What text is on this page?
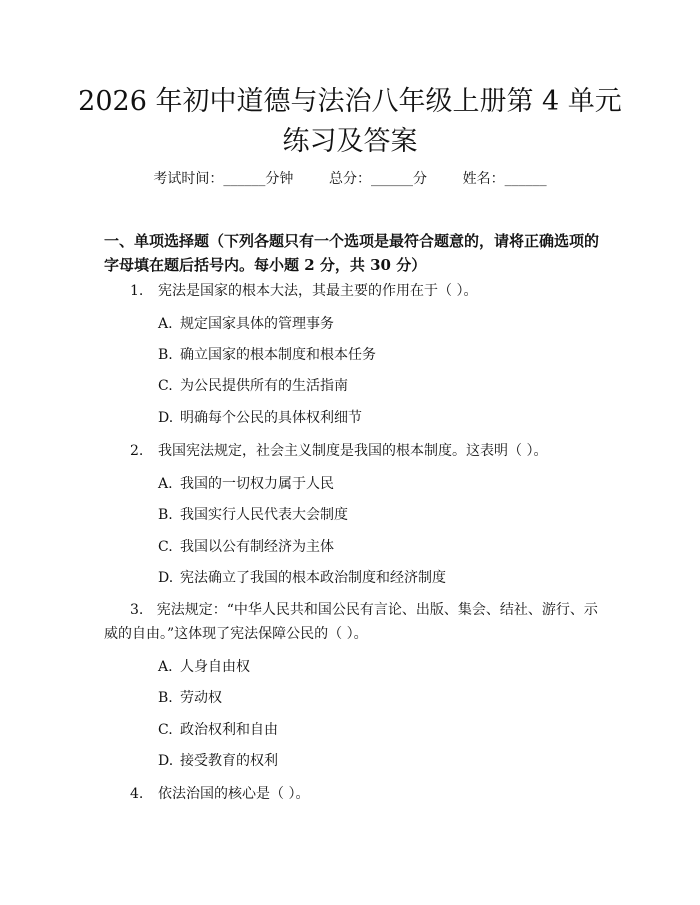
2026 年初中道德与法治八年级上册第 4 单元
练习及答案
考试时间：______分钟	总分：______分	姓名：______
一、单项选择题（下列各题只有一个选项是最符合题意的，请将正确选项的字母填在题后括号内。每小题 2 分，共 30 分）
1. 宪法是国家的根本大法，其最主要的作用在于（ ）。
A. 规定国家具体的管理事务
B. 确立国家的根本制度和根本任务
C. 为公民提供所有的生活指南
D. 明确每个公民的具体权利细节
2. 我国宪法规定，社会主义制度是我国的根本制度。这表明（ ）。
A. 我国的一切权力属于人民
B. 我国实行人民代表大会制度
C. 我国以公有制经济为主体
D. 宪法确立了我国的根本政治制度和经济制度
3. 宪法规定：“中华人民共和国公民有言论、出版、集会、结社、游行、示威的自由。”这体现了宪法保障公民的（ ）。
A. 人身自由权
B. 劳动权
C. 政治权利和自由
D. 接受教育的权利
4. 依法治国的核心是（ ）。
